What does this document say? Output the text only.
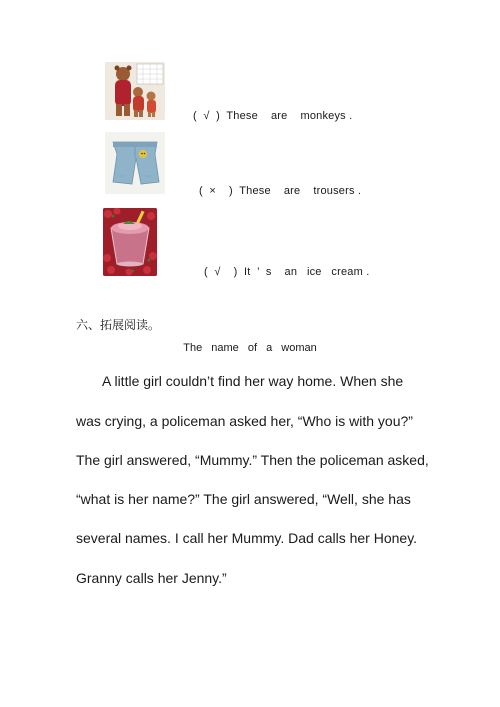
(  √  )  These    are    monkeys .
(  ×    )  These    are    trousers .
(  √    )  It  ’  s    an   ice   cream .
六、拓展阅读。
The name of a woman
A little girl couldn’t find her way home. When she
was crying, a policeman asked her, “Who is with you?”
The girl answered, “Mummy.” Then the policeman asked,
“what is her name?” The girl answered, “Well, she has
several names. I call her Mummy. Dad calls her Honey.
Granny calls her Jenny.”
